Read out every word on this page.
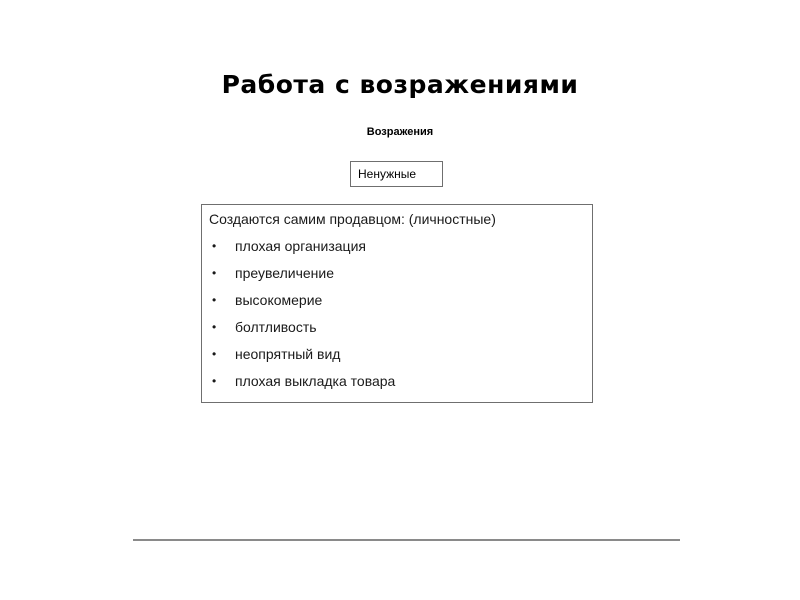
Работа с возражениями
Возражения
Ненужные
Создаются самим продавцом: (личностные)
• плохая организация
• преувеличение
• высокомерие
• болтливость
• неопрятный вид
• плохая выкладка товара
